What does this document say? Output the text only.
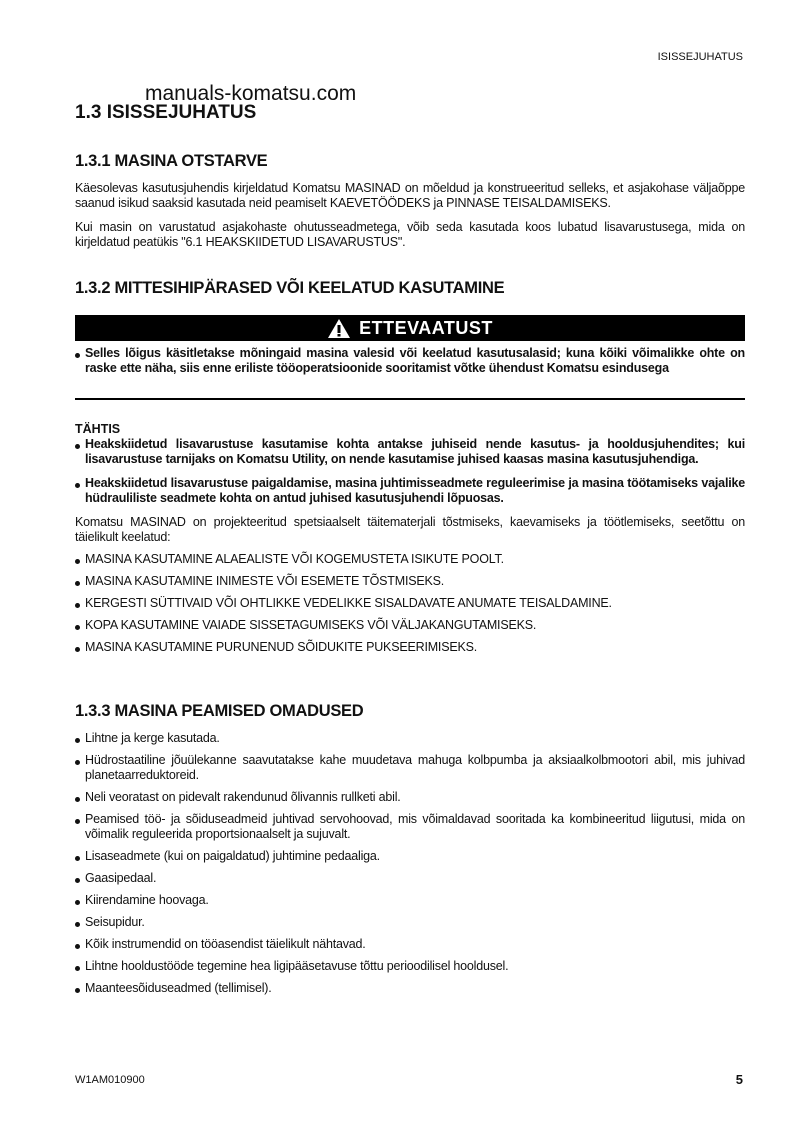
ISISSEJUHATUS
manuals-komatsu.com
1.3 ISISSEJUHATUS
1.3.1 MASINA OTSTARVE

Käesolevas kasutusjuhendis kirjeldatud Komatsu MASINAD on mõeldud ja konstrueeritud selleks, et asjakohase väljaõppe saanud isikud saaksid kasutada neid peamiselt KAEVETÖÖDEKS ja PINNASE TEISALDAMISEKS.

Kui masin on varustatud asjakohaste ohutusseadmetega, võib seda kasutada koos lubatud lisavarustusega, mida on kirjeldatud peatükis "6.1 HEAKSKIIDETUD LISAVARUSTUS".

1.3.2 MITTESIHIPÄRASED VÕI KEELATUD KASUTAMINE
ETTEVAATUST
Selles lõigus käsitletakse mõningaid masina valesid või keelatud kasutusalasid; kuna kõiki võimalikke ohte on raske ette näha, siis enne eriliste tööoperatsioonide sooritamist võtke ühendust Komatsu esindusega
TÄHTIS
Heakskiidetud lisavarustuse kasutamise kohta antakse juhiseid nende kasutus- ja hooldusjuhendites; kui lisavarustuse tarnijaks on Komatsu Utility, on nende kasutamise juhised kaasas masina kasutusjuhendiga.
Heakskiidetud lisavarustuse paigaldamise, masina juhtimisseadmete reguleerimise ja masina töötamiseks vajalike hüdrauliliste seadmete kohta on antud juhised kasutusjuhendi lõpuosas.

Komatsu MASINAD on projekteeritud spetsiaalselt täitematerjali tõstmiseks, kaevamiseks ja töötlemiseks, seetõttu on täielikult keelatud:

MASINA KASUTAMINE ALAEALISTE VÕI KOGEMUSTETA ISIKUTE POOLT.
MASINA KASUTAMINE INIMESTE VÕI ESEMETE TÕSTMISEKS.
KERGESTI SÜTTIVAID VÕI OHTLIKKE VEDELIKKE SISALDAVATE ANUMATE TEISALDAMINE.
KOPA KASUTAMINE VAIADE SISSETAGUMISEKS VÕI VÄLJAKANGUTAMISEKS.
MASINA KASUTAMINE PURUNENUD SÕIDUKITE PUKSEERIMISEKS.
1.3.3 MASINA PEAMISED OMADUSED
Lihtne ja kerge kasutada.
Hüdrostaatiline jõuülekanne saavutatakse kahe muudetava mahuga kolbpumba ja aksiaalkolbmootori abil, mis juhivad planetaarreduktoreid.
Neli veoratast on pidevalt rakendunud õlivannis rullketi abil.
Peamised töö- ja sõiduseadmeid juhtivad servohoovad, mis võimaldavad sooritada ka kombineeritud liigutusi, mida on võimalik reguleerida proportsionaalselt ja sujuvalt.
Lisaseadmete (kui on paigaldatud) juhtimine pedaaliga.
Gaasipedaal.
Kiirendamine hoovaga.
Seisupidur.
Kõik instrumendid on tööasendist täielikult nähtavad.
Lihtne hooldustööde tegemine hea ligipääsetavuse tõttu perioodilisel hooldusel.
Maanteesõiduseadmed (tellimisel).
W1AM010900	5
